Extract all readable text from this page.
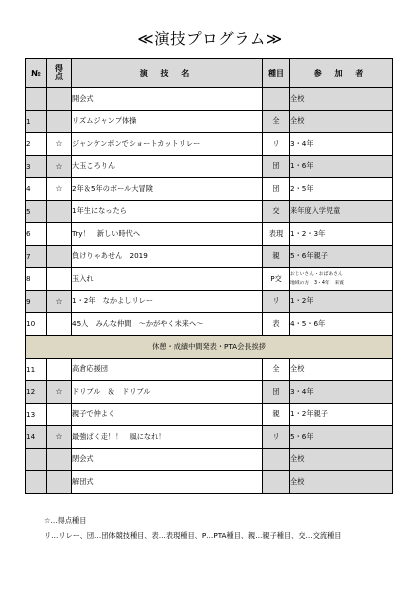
≪演技プログラム≫
№	得点	演 技 名	種目	参 加 者
		開会式		全校
1		リズムジャンプ体操	全	全校
2	☆	ジャンケンポンでショートカットリレー	リ	3・4年
3	☆	大玉ころりん	団	1・6年
4	☆	2年＆5年のボール大冒険	団	2・5年
5		1年生になったら	交	来年度入学児童
6		Try！　新しい時代へ	表現	1・2・3年
7		負けりゃあせん　2019	親	5・6年親子
8		玉入れ	P交	おじいさん・おばあさん
地域の方　3・4年　来賓

9	☆	1・2年　なかよしリレー	リ	1・2年
10		45人　みんな仲間　～かがやく未来へ～	表	4・5・6年
休憩・成績中間発表・PTA会長挨拶				
11		高倉応援団	全	全校
12	☆	ドリブル　＆　ドリブル	団	3・4年
13		親子で仲よく	親	1・2年親子
14	☆	最強ぱく走！！　風になれ！	リ	5・6年
		閉会式		全校
		解団式		全校
☆…得点種目
リ…リレー、団…団体競技種目、表…表現種目、P…PTA種目、親…親子種目、交…交流種目
